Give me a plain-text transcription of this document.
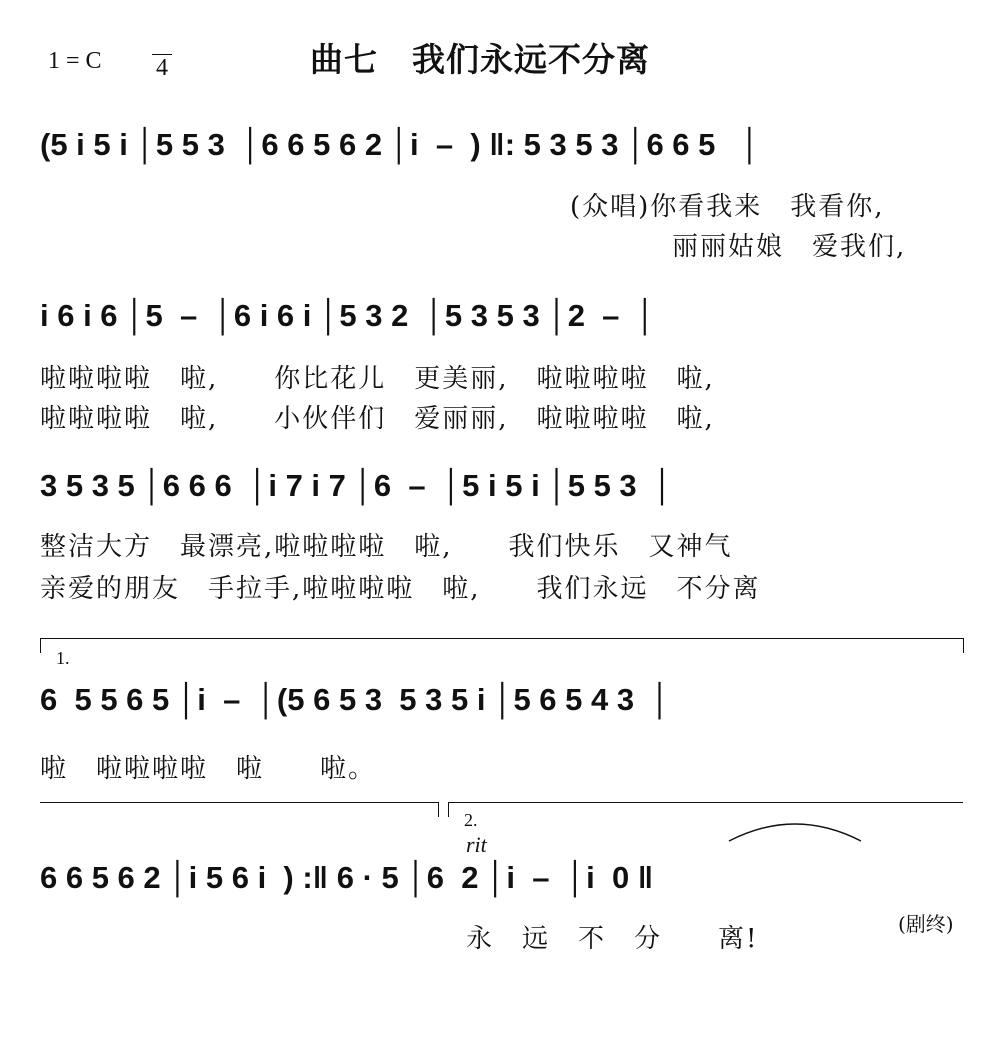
1 = C 4	曲七　我们永远不分离
(5 i 5 i │5 5 3  │6 6 5 6 2 │i  –  ) ‖: 5 3 5 3 │6 6 5   │
(众唱)你看我来　我看你,
丽丽姑娘　爱我们,
i 6 i 6 │5  –  │6 i 6 i │5 3 2  │5 3 5 3 │2  –  │
啦啦啦啦　啦,　　你比花儿　更美丽,　啦啦啦啦　啦,
啦啦啦啦　啦,　　小伙伴们　爱丽丽,　啦啦啦啦　啦,
3 5 3 5 │6 6 6  │i 7 i 7 │6  –  │5 i 5 i │5 5 3  │
整洁大方　最漂亮,啦啦啦啦　啦,　　我们快乐　又神气
亲爱的朋友　手拉手,啦啦啦啦　啦,　　我们永远　不分离
1.
6  5 5 6 5 │i  –  │(5 6 5 3  5 3 5 i │5 6 5 4 3  │
啦　啦啦啦啦　啦　　啦。
2.
rit
6 6 5 6 2 │i 5 6 i  ) :‖ 6 · 5 │6  2 │i  –  │i  0 ‖
永　远　不　分　　离!	(剧终)
